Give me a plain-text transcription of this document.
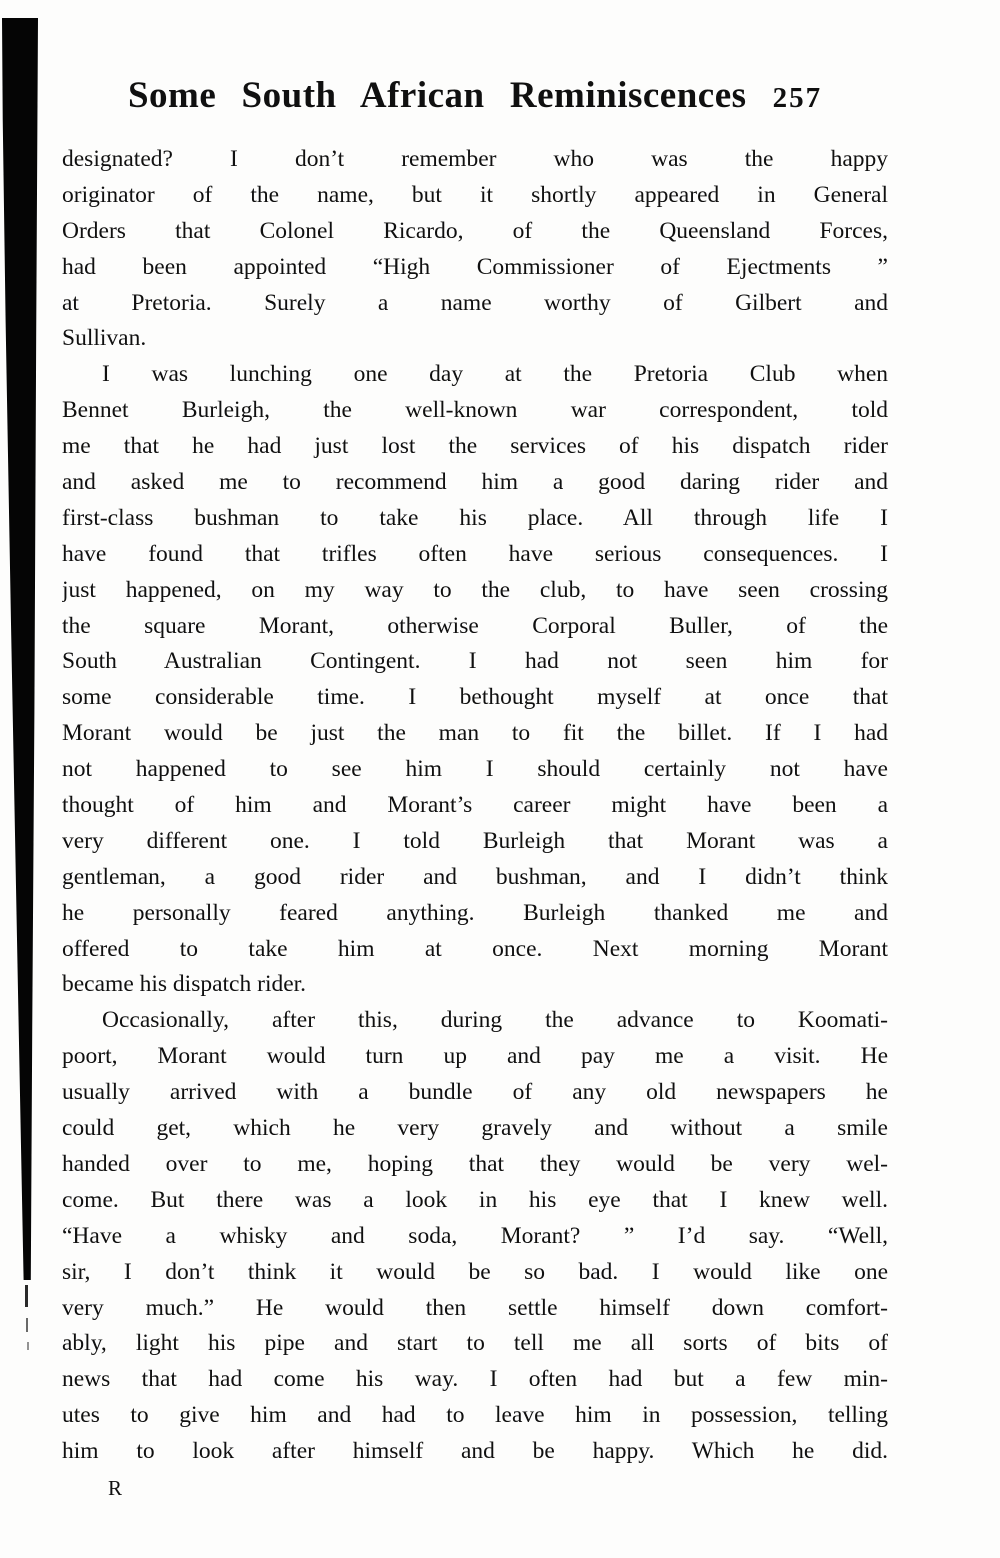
Some South African Reminiscences 257
designated? I don’t remember who was the happy
originator of the name, but it shortly appeared in General
Orders that Colonel Ricardo, of the Queensland Forces,
had been appointed “High Commissioner of Ejectments ”
at Pretoria. Surely a name worthy of Gilbert and
Sullivan.
I was lunching one day at the Pretoria Club when
Bennet Burleigh, the well-known war correspondent, told
me that he had just lost the services of his dispatch rider
and asked me to recommend him a good daring rider and
first-class bushman to take his place. All through life I
have found that trifles often have serious consequences. I
just happened, on my way to the club, to have seen crossing
the square Morant, otherwise Corporal Buller, of the
South Australian Contingent. I had not seen him for
some considerable time. I bethought myself at once that
Morant would be just the man to fit the billet. If I had
not happened to see him I should certainly not have
thought of him and Morant’s career might have been a
very different one. I told Burleigh that Morant was a
gentleman, a good rider and bushman, and I didn’t think
he personally feared anything. Burleigh thanked me and
offered to take him at once. Next morning Morant
became his dispatch rider.
Occasionally, after this, during the advance to Koomati-
poort, Morant would turn up and pay me a visit. He
usually arrived with a bundle of any old newspapers he
could get, which he very gravely and without a smile
handed over to me, hoping that they would be very wel-
come. But there was a look in his eye that I knew well.
“Have a whisky and soda, Morant? ” I’d say. “Well,
sir, I don’t think it would be so bad. I would like one
very much.” He would then settle himself down comfort-
ably, light his pipe and start to tell me all sorts of bits of
news that had come his way. I often had but a few min-
utes to give him and had to leave him in possession, telling
him to look after himself and be happy. Which he did.
R
